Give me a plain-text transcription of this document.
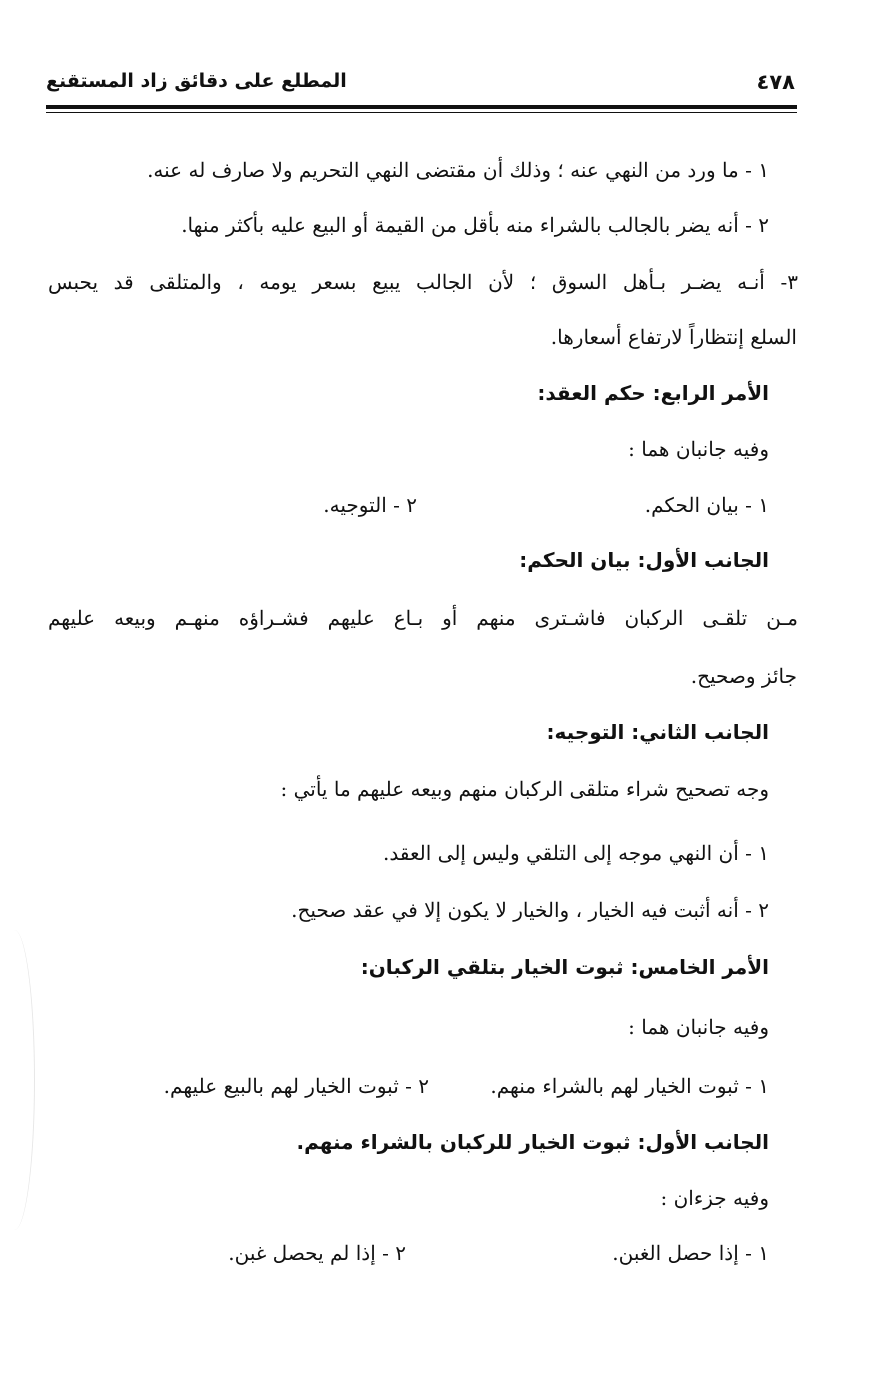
٤٧٨
المطلع على دقائق زاد المستقنع
١ - ما ورد من النهي عنه ؛ وذلك أن مقتضى النهي التحريم ولا صارف له عنه.
٢ - أنه يضر بالجالب بالشراء منه بأقل من القيمة أو البيع عليه بأكثر منها.
٣- أنـه يضـر بـأهل السوق ؛ لأن الجالب يبيع بسعر يومه ، والمتلقى قد يحبس
السلع إنتظاراً لارتفاع أسعارها.
الأمر الرابع: حكم العقد:
وفيه جانبان هما :
١ - بيان الحكم.
٢ - التوجيه.
الجانب الأول: بيان الحكم:
مـن تلقـى الركبان فاشـترى منهم أو بـاع عليهم فشـراؤه منهـم وبيعه عليهم
جائز وصحيح.
الجانب الثاني: التوجيه:
وجه تصحيح شراء متلقى الركبان منهم وبيعه عليهم ما يأتي :
١ - أن النهي موجه إلى التلقي وليس إلى العقد.
٢ - أنه أثبت فيه الخيار ، والخيار لا يكون إلا في عقد صحيح.
الأمر الخامس: ثبوت الخيار بتلقي الركبان:
وفيه جانبان هما :
١ - ثبوت الخيار لهم بالشراء منهم.
٢ - ثبوت الخيار لهم بالبيع عليهم.
الجانب الأول: ثبوت الخيار للركبان بالشراء منهم.
وفيه جزءان :
١ - إذا حصل الغبن.
٢ - إذا لم يحصل غبن.
